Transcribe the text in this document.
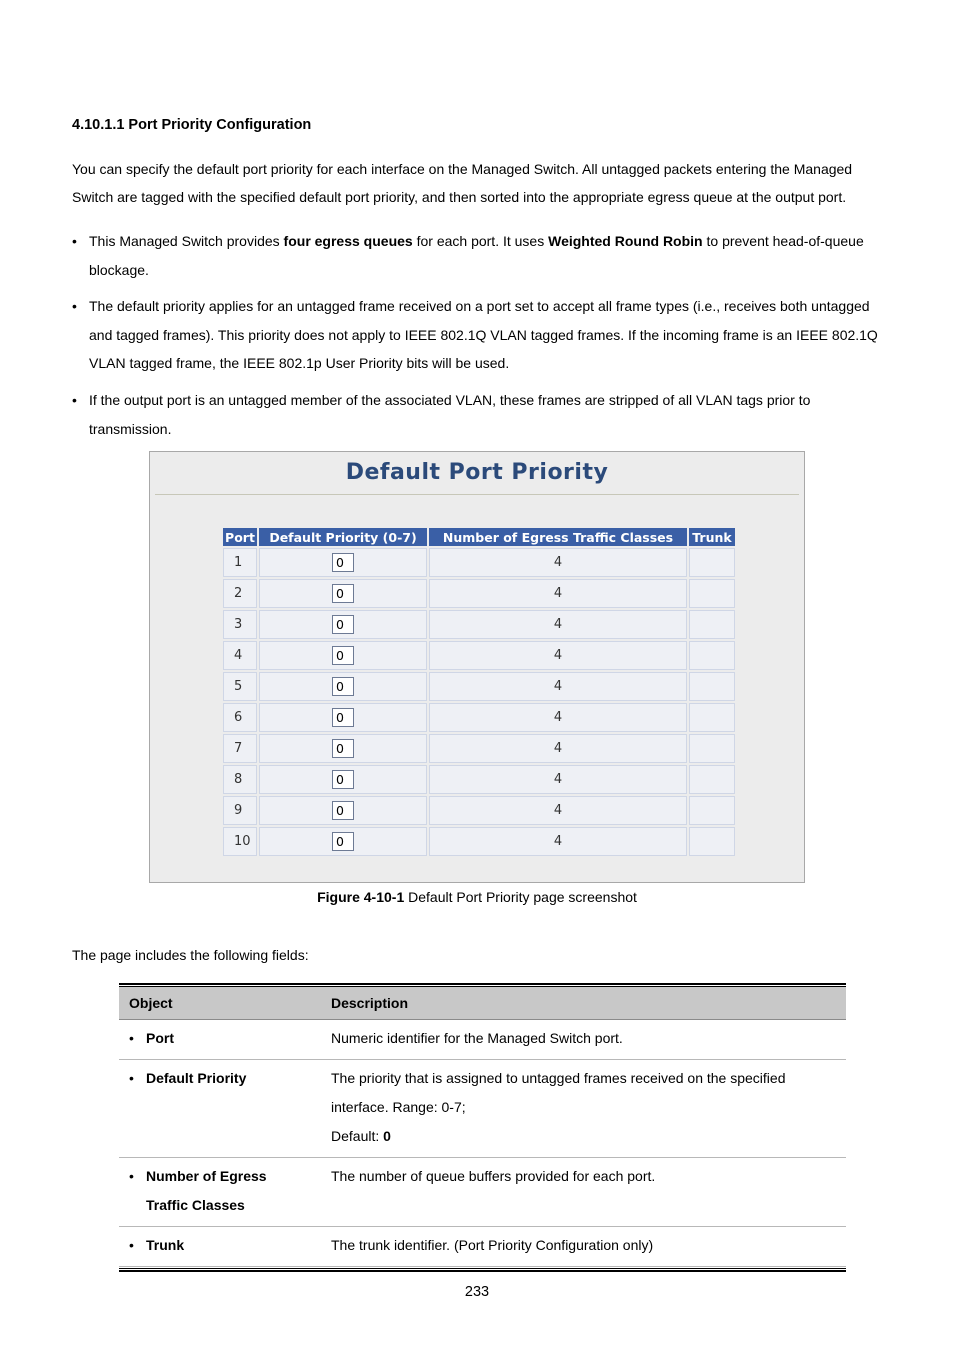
4.10.1.1 Port Priority Configuration
You can specify the default port priority for each interface on the Managed Switch. All untagged packets entering the Managed Switch are tagged with the specified default port priority, and then sorted into the appropriate egress queue at the output port.
• This Managed Switch provides four egress queues for each port. It uses Weighted Round Robin to prevent head-of-queue blockage.
• The default priority applies for an untagged frame received on a port set to accept all frame types (i.e., receives both untagged and tagged frames). This priority does not apply to IEEE 802.1Q VLAN tagged frames. If the incoming frame is an IEEE 802.1Q VLAN tagged frame, the IEEE 802.1p User Priority bits will be used.
• If the output port is an untagged member of the associated VLAN, these frames are stripped of all VLAN tags prior to transmission.
Default Port Priority
Port	Default Priority (0-7)	Number of Egress Traffic Classes	Trunk
1	0	4	
2	0	4	
3	0	4	
4	0	4	
5	0	4	
6	0	4	
7	0	4	
8	0	4	
9	0	4	
10	0	4	
Figure 4-10-1 Default Port Priority page screenshot
The page includes the following fields:
Object	Description
• Port	Numeric identifier for the Managed Switch port.
• Default Priority	The priority that is assigned to untagged frames received on the specified interface. Range: 0-7;
Default: 0

• Number of Egress Traffic Classes	The number of queue buffers provided for each port.
• Trunk	The trunk identifier. (Port Priority Configuration only)
233
